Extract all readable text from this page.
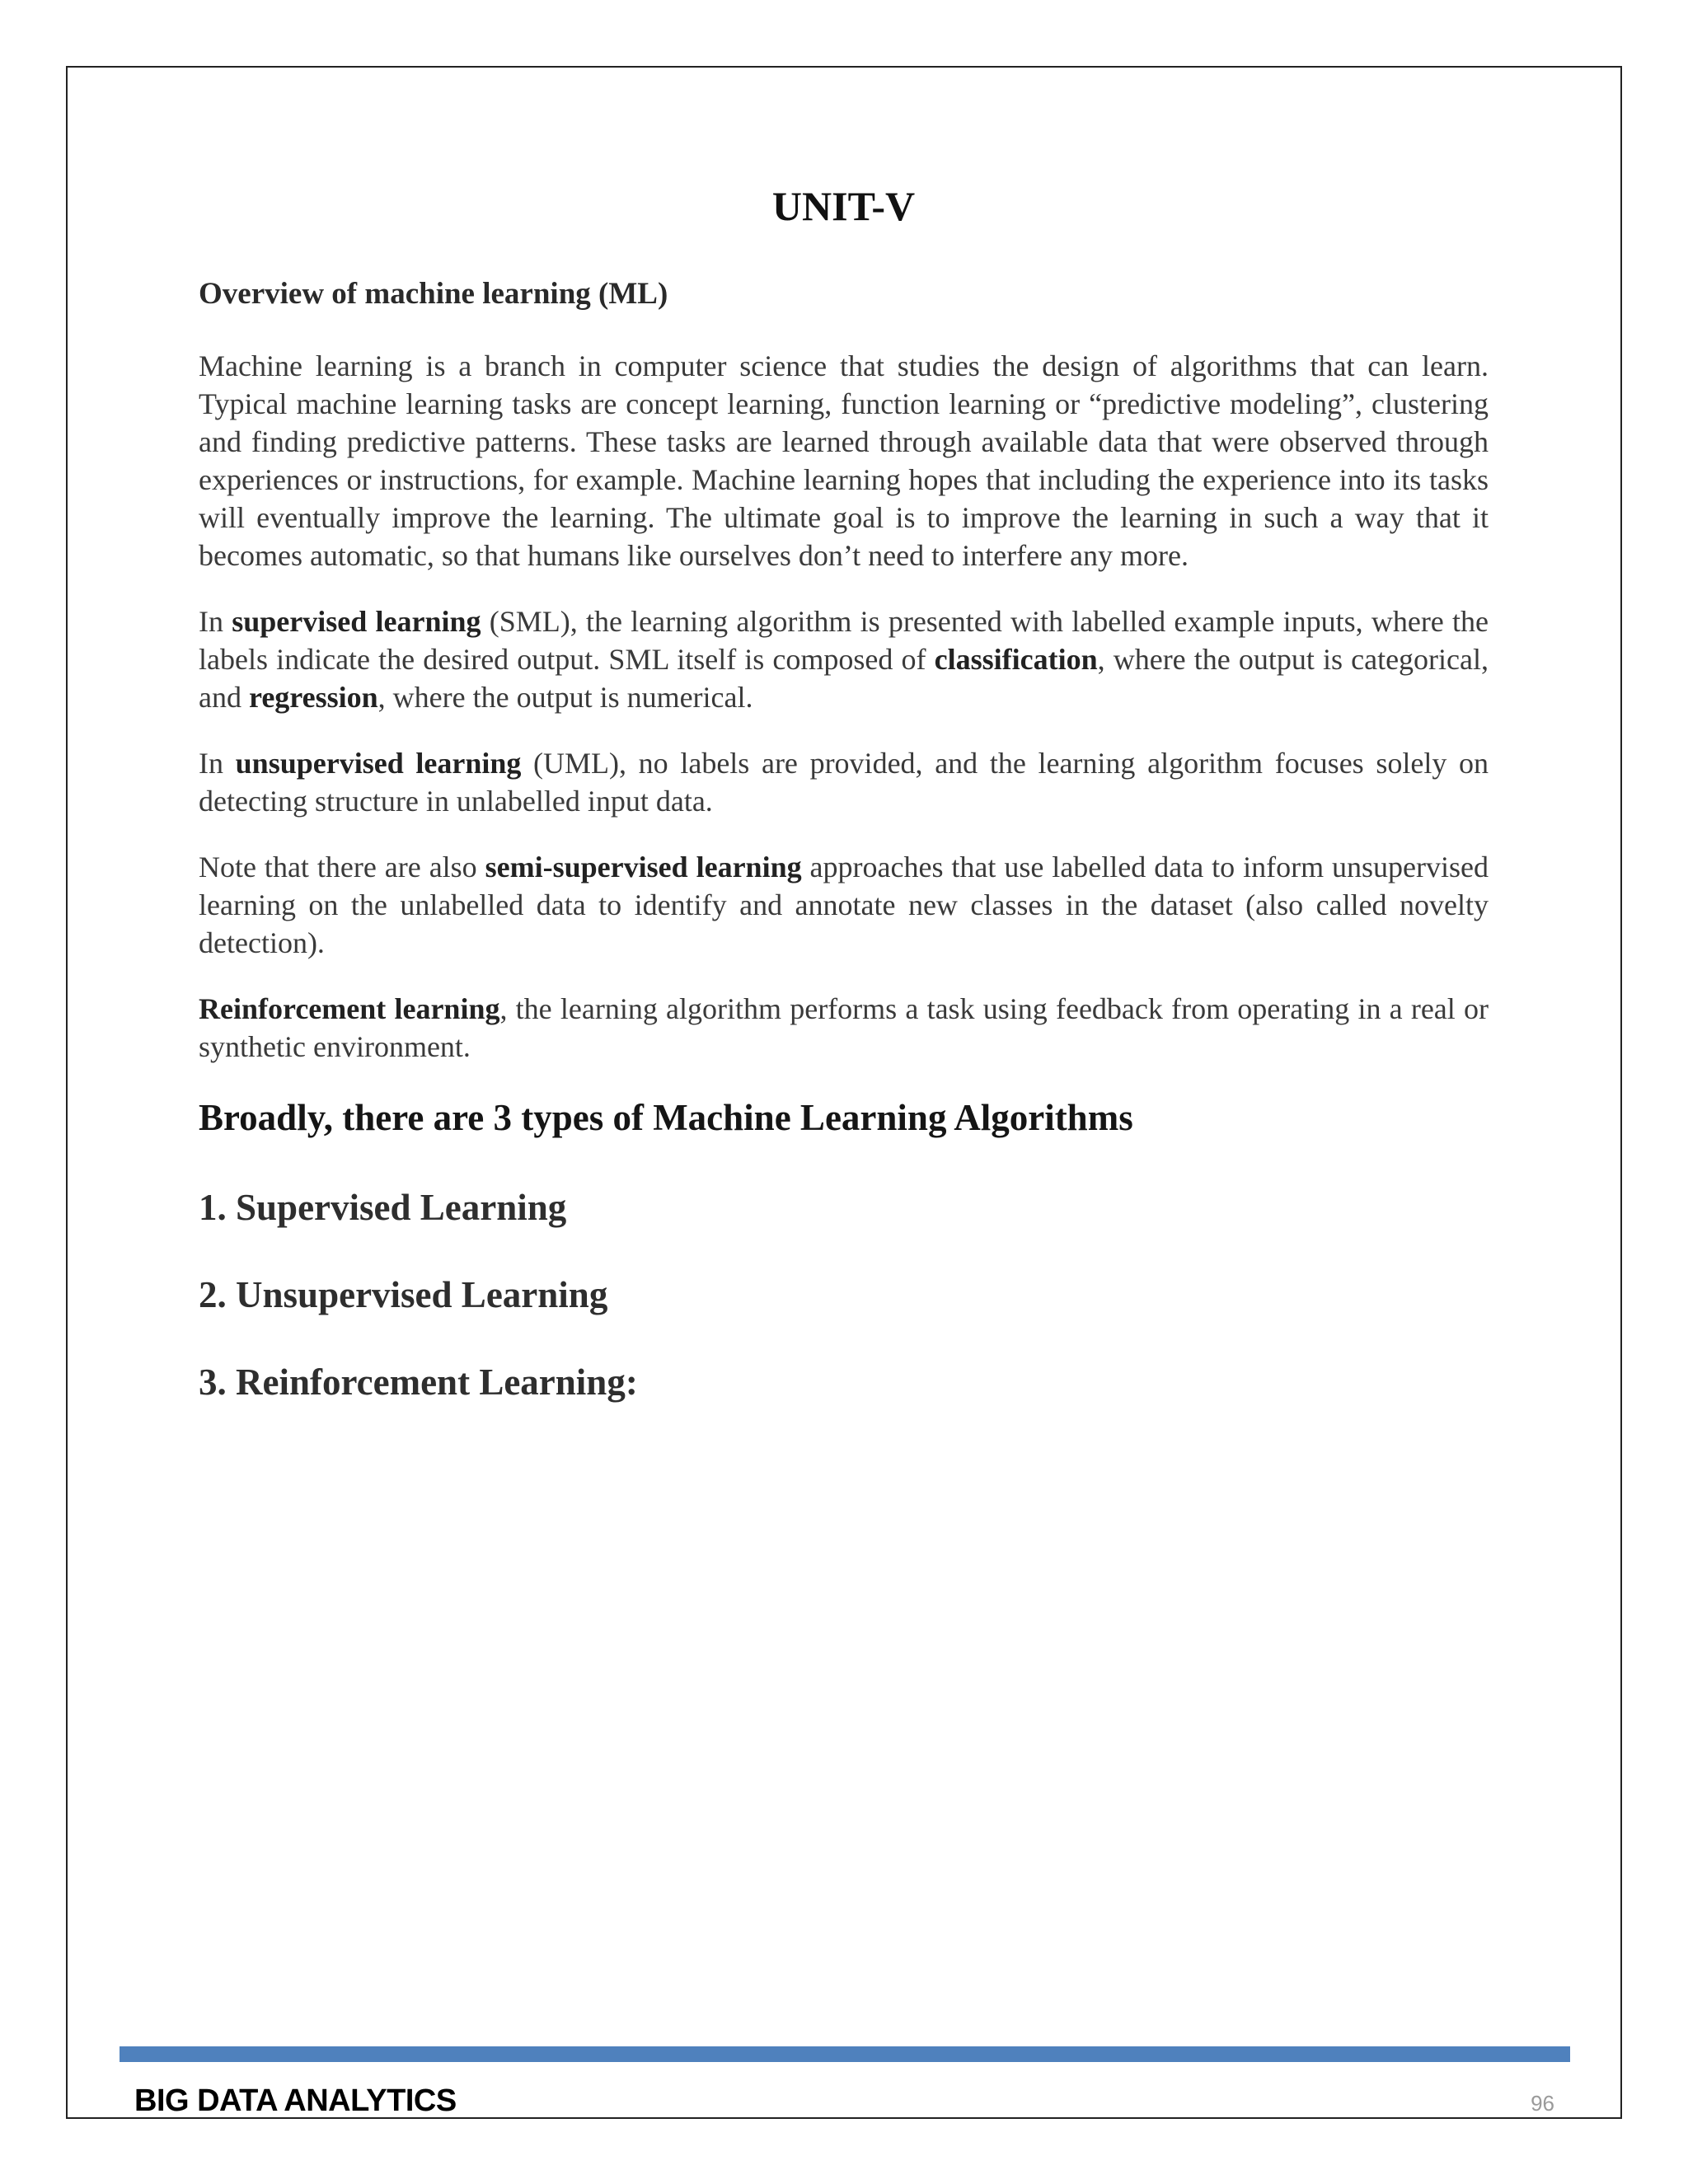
UNIT-V
Overview of machine learning (ML)

Machine learning is a branch in computer science that studies the design of algorithms that can learn. Typical machine learning tasks are concept learning, function learning or “predictive modeling”, clustering and finding predictive patterns. These tasks are learned through available data that were observed through experiences or instructions, for example. Machine learning hopes that including the experience into its tasks will eventually improve the learning. The ultimate goal is to improve the learning in such a way that it becomes automatic, so that humans like ourselves don’t need to interfere any more.

In supervised learning (SML), the learning algorithm is presented with labelled example inputs, where the labels indicate the desired output. SML itself is composed of classification, where the output is categorical, and regression, where the output is numerical.

In unsupervised learning (UML), no labels are provided, and the learning algorithm focuses solely on detecting structure in unlabelled input data.

Note that there are also semi-supervised learning approaches that use labelled data to inform unsupervised learning on the unlabelled data to identify and annotate new classes in the dataset (also called novelty detection).

Reinforcement learning, the learning algorithm performs a task using feedback from operating in a real or synthetic environment.

Broadly, there are 3 types of Machine Learning Algorithms
1. Supervised Learning
2. Unsupervised Learning
3. Reinforcement Learning:
BIG DATA ANALYTICS	96
